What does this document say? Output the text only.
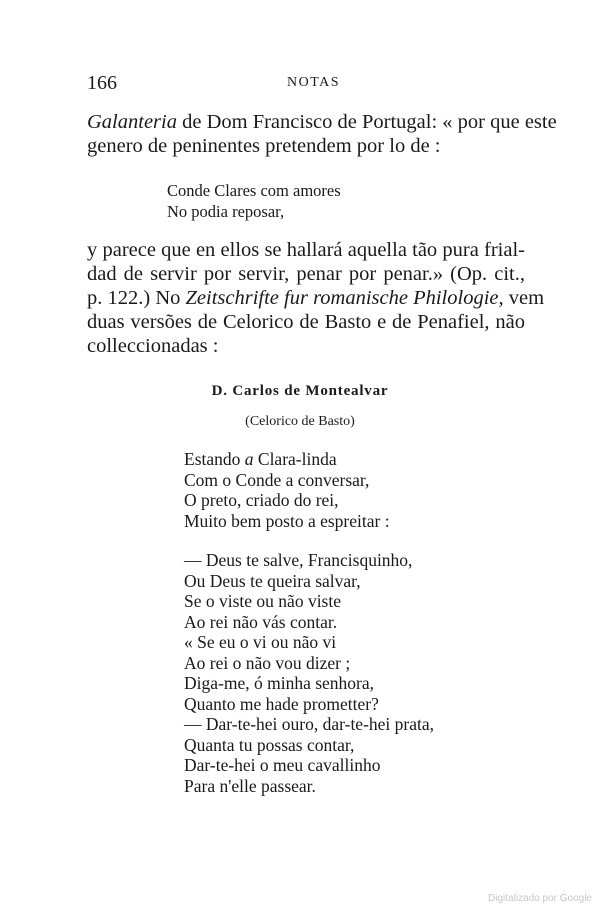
166	NOTAS
Galanteria de Dom Francisco de Portugal: « por que este
genero de peninentes pretendem por lo de :
Conde Clares com amores
No podia reposar,
y parece que en ellos se hallará aquella tão pura frial-
dad de servir por servir, penar por penar.» (Op. cit.,
p. 122.) No Zeitschrifte fur romanische Philologie, vem
duas versões de Celorico de Basto e de Penafiel, não
colleccionadas :
D. Carlos de Montealvar
(Celorico de Basto)
Estando a Clara-linda
Com o Conde a conversar,
O preto, criado do rei,
Muito bem posto a espreitar :
— Deus te salve, Francisquinho,
Ou Deus te queira salvar,
Se o viste ou não viste
Ao rei não vás contar.
« Se eu o vi ou não vi
Ao rei o não vou dizer ;
Diga-me, ó minha senhora,
Quanto me hade prometter?
— Dar-te-hei ouro, dar-te-hei prata,
Quanta tu possas contar,
Dar-te-hei o meu cavallinho
Para n'elle passear.
Digitalizado por Google
